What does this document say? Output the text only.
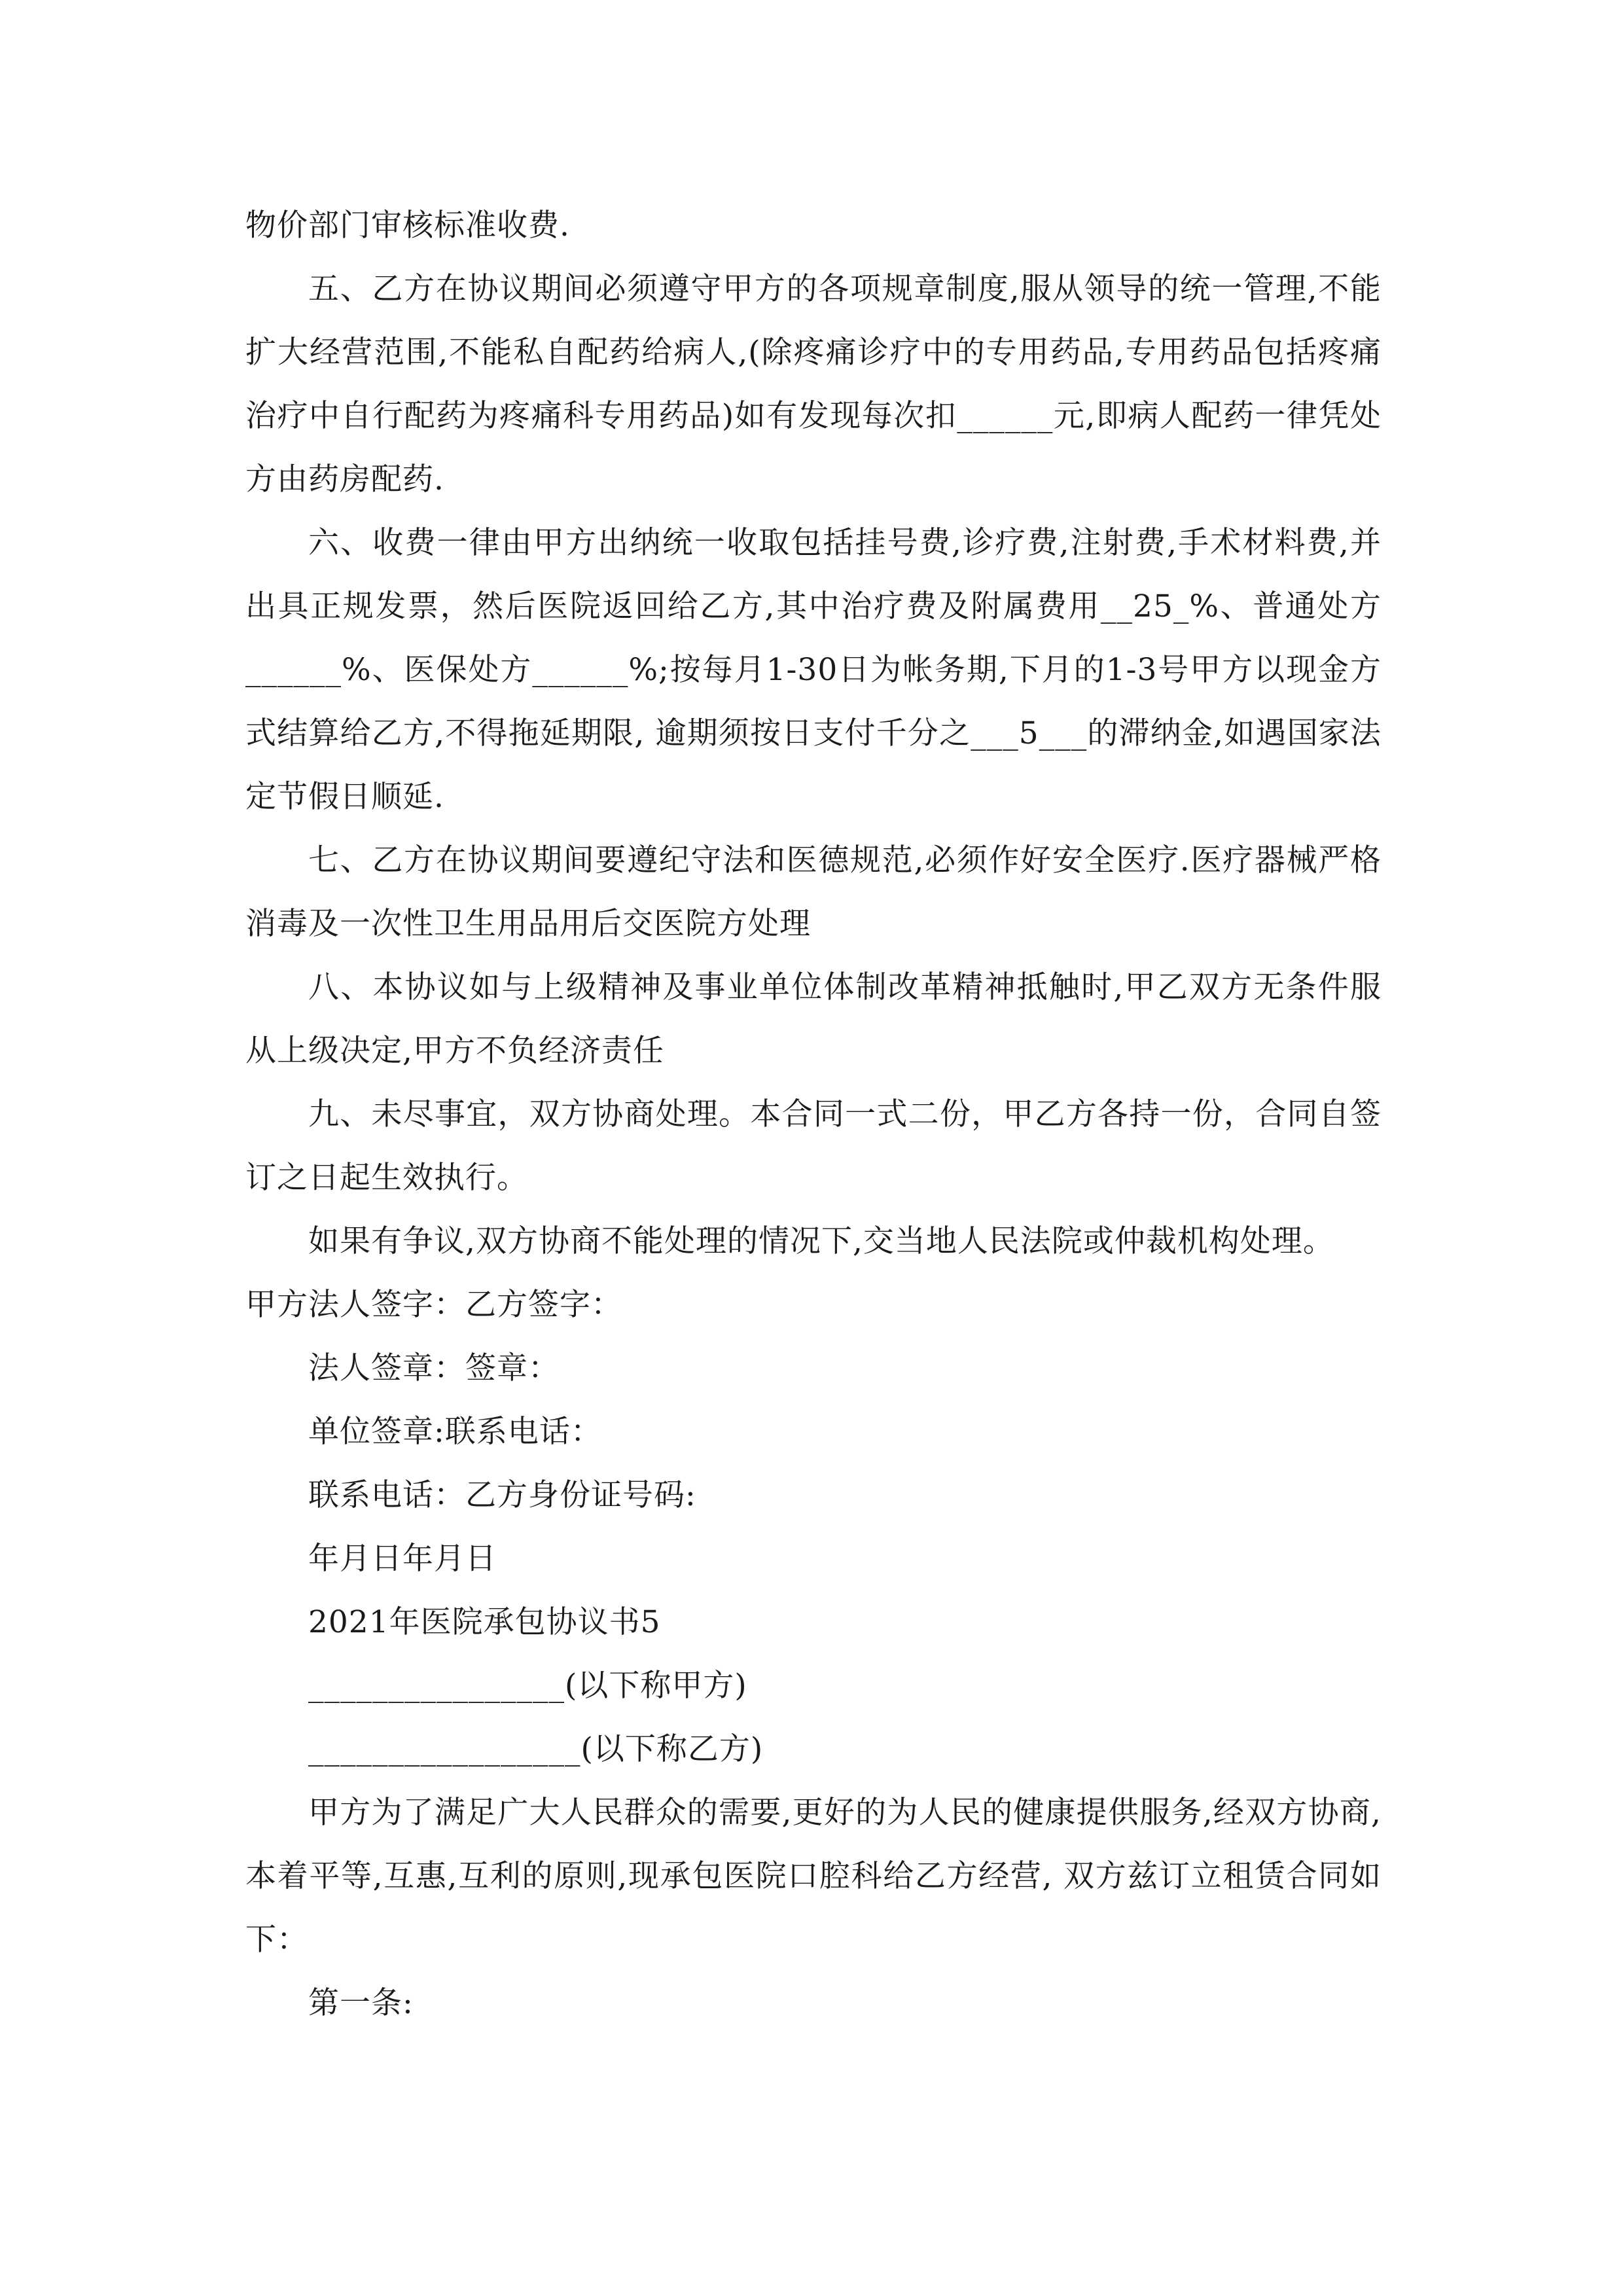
物价部门审核标准收费.

五、乙方在协议期间必须遵守甲方的各项规章制度,服从领导的统一管理,不能扩大经营范围,不能私自配药给病人,(除疼痛诊疗中的专用药品,专用药品包括疼痛治疗中自行配药为疼痛科专用药品)如有发现每次扣______元,即病人配药一律凭处方由药房配药.

六、收费一律由甲方出纳统一收取包括挂号费,诊疗费,注射费,手术材料费,并出具正规发票，然后医院返回给乙方,其中治疗费及附属费用__25_%、普通处方______%、医保处方______%;按每月1-30日为帐务期,下月的1-3号甲方以现金方式结算给乙方,不得拖延期限, 逾期须按日支付千分之___5___的滞纳金,如遇国家法定节假日顺延.

七、乙方在协议期间要遵纪守法和医德规范,必须作好安全医疗.医疗器械严格消毒及一次性卫生用品用后交医院方处理

八、本协议如与上级精神及事业单位体制改革精神抵触时,甲乙双方无条件服从上级决定,甲方不负经济责任

九、未尽事宜，双方协商处理。本合同一式二份，甲乙方各持一份，合同自签订之日起生效执行。

如果有争议,双方协商不能处理的情况下,交当地人民法院或仲裁机构处理。

甲方法人签字：乙方签字：

法人签章：签章：

单位签章:联系电话：

联系电话：乙方身份证号码:

年月日年月日

2021年医院承包协议书5

________________(以下称甲方)

_________________(以下称乙方)

甲方为了满足广大人民群众的需要,更好的为人民的健康提供服务,经双方协商,本着平等,互惠,互利的原则,现承包医院口腔科给乙方经营, 双方兹订立租赁合同如下：

第一条:
